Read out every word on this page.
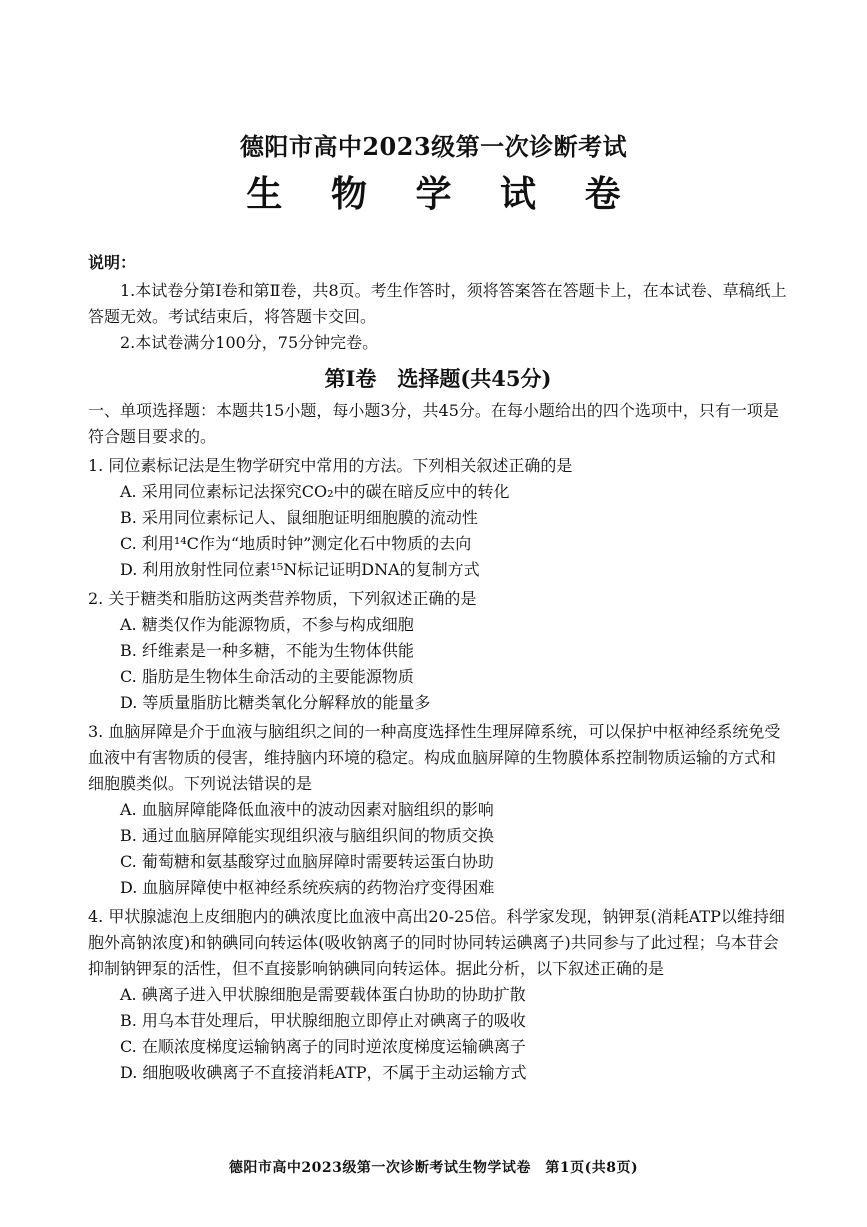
德阳市高中2023级第一次诊断考试
生 物 学 试 卷
说明：
1.本试卷分第Ⅰ卷和第Ⅱ卷，共8页。考生作答时，须将答案答在答题卡上，在本试卷、草稿纸上答题无效。考试结束后，将答题卡交回。
2.本试卷满分100分，75分钟完卷。
第Ⅰ卷　选择题(共45分)
一、单项选择题：本题共15小题，每小题3分，共45分。在每小题给出的四个选项中，只有一项是符合题目要求的。
1. 同位素标记法是生物学研究中常用的方法。下列相关叙述正确的是
A. 采用同位素标记法探究CO₂中的碳在暗反应中的转化
B. 采用同位素标记人、鼠细胞证明细胞膜的流动性
C. 利用¹⁴C作为“地质时钟”测定化石中物质的去向
D. 利用放射性同位素¹⁵N标记证明DNA的复制方式
2. 关于糖类和脂肪这两类营养物质，下列叙述正确的是
A. 糖类仅作为能源物质，不参与构成细胞
B. 纤维素是一种多糖，不能为生物体供能
C. 脂肪是生物体生命活动的主要能源物质
D. 等质量脂肪比糖类氧化分解释放的能量多
3. 血脑屏障是介于血液与脑组织之间的一种高度选择性生理屏障系统，可以保护中枢神经系统免受血液中有害物质的侵害，维持脑内环境的稳定。构成血脑屏障的生物膜体系控制物质运输的方式和细胞膜类似。下列说法错误的是
A. 血脑屏障能降低血液中的波动因素对脑组织的影响
B. 通过血脑屏障能实现组织液与脑组织间的物质交换
C. 葡萄糖和氨基酸穿过血脑屏障时需要转运蛋白协助
D. 血脑屏障使中枢神经系统疾病的药物治疗变得困难
4. 甲状腺滤泡上皮细胞内的碘浓度比血液中高出20-25倍。科学家发现，钠钾泵(消耗ATP以维持细胞外高钠浓度)和钠碘同向转运体(吸收钠离子的同时协同转运碘离子)共同参与了此过程；乌本苷会抑制钠钾泵的活性，但不直接影响钠碘同向转运体。据此分析，以下叙述正确的是
A. 碘离子进入甲状腺细胞是需要载体蛋白协助的协助扩散
B. 用乌本苷处理后，甲状腺细胞立即停止对碘离子的吸收
C. 在顺浓度梯度运输钠离子的同时逆浓度梯度运输碘离子
D. 细胞吸收碘离子不直接消耗ATP，不属于主动运输方式
德阳市高中2023级第一次诊断考试生物学试卷　第1页(共8页)
